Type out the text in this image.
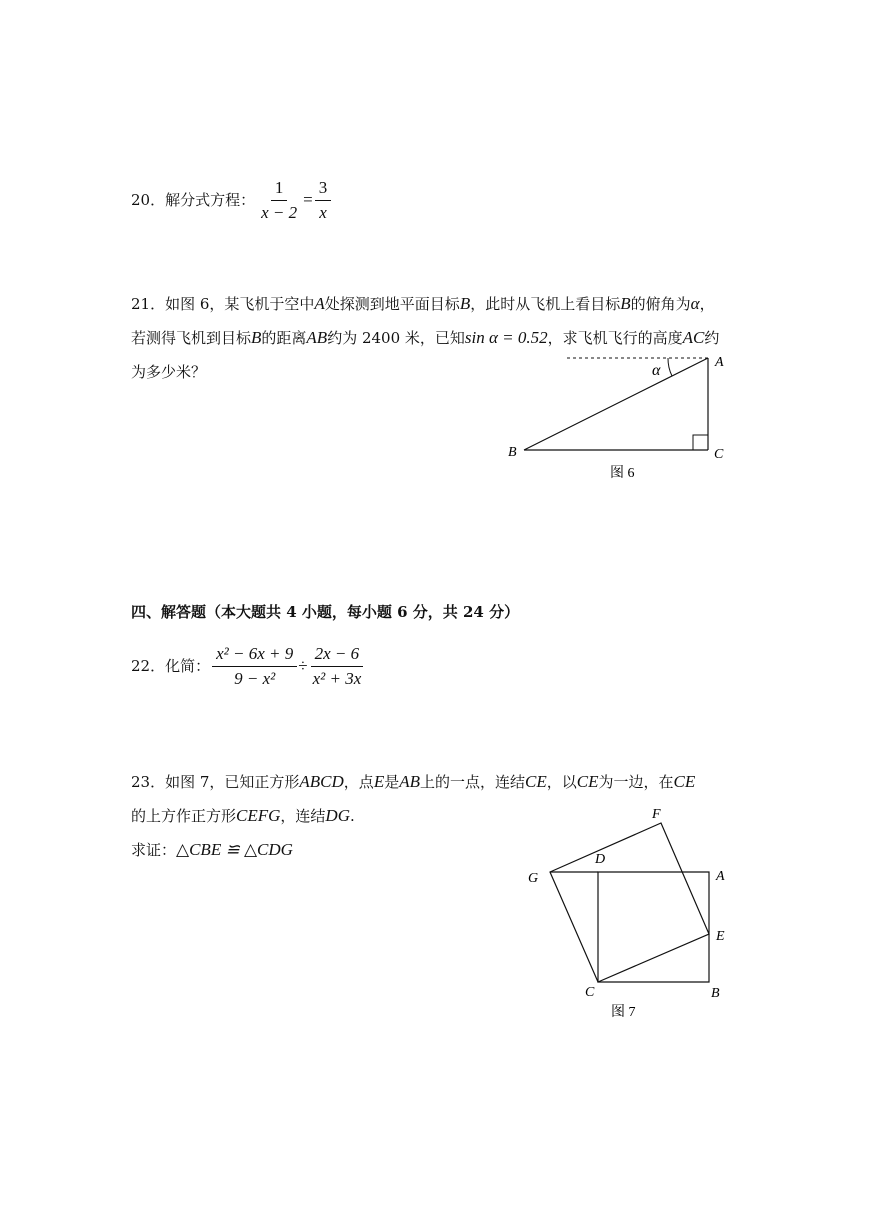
20．解分式方程： $\frac{1}{x - 2} = \frac{3}{x}$
21．如图 6，某飞机于空中A处探测到地平面目标B，此时从飞机上看目标B的俯角为α，
若测得飞机到目标B的距离AB约为 2400 米，已知sin α = 0.52，求飞机飞行的高度AC约
为多少米？	α	A
B	C
图 6
四、解答题（本大题共 4 小题，每小题 6 分，共 24 分）
22．化简： $\frac{\text{x² − 6x + 9}}{\text{9 − x²}} \div \frac{2x - 6}{\text{x² + 3x}}$
23．如图 7，已知正方形ABCD，点E是AB上的一点，连结CE，以CE为一边，在CE
的上方作正方形CEFG，连结DG.
求证：△CBE ≌ △CDG
F
D
G	A
E
C	B
图 7
